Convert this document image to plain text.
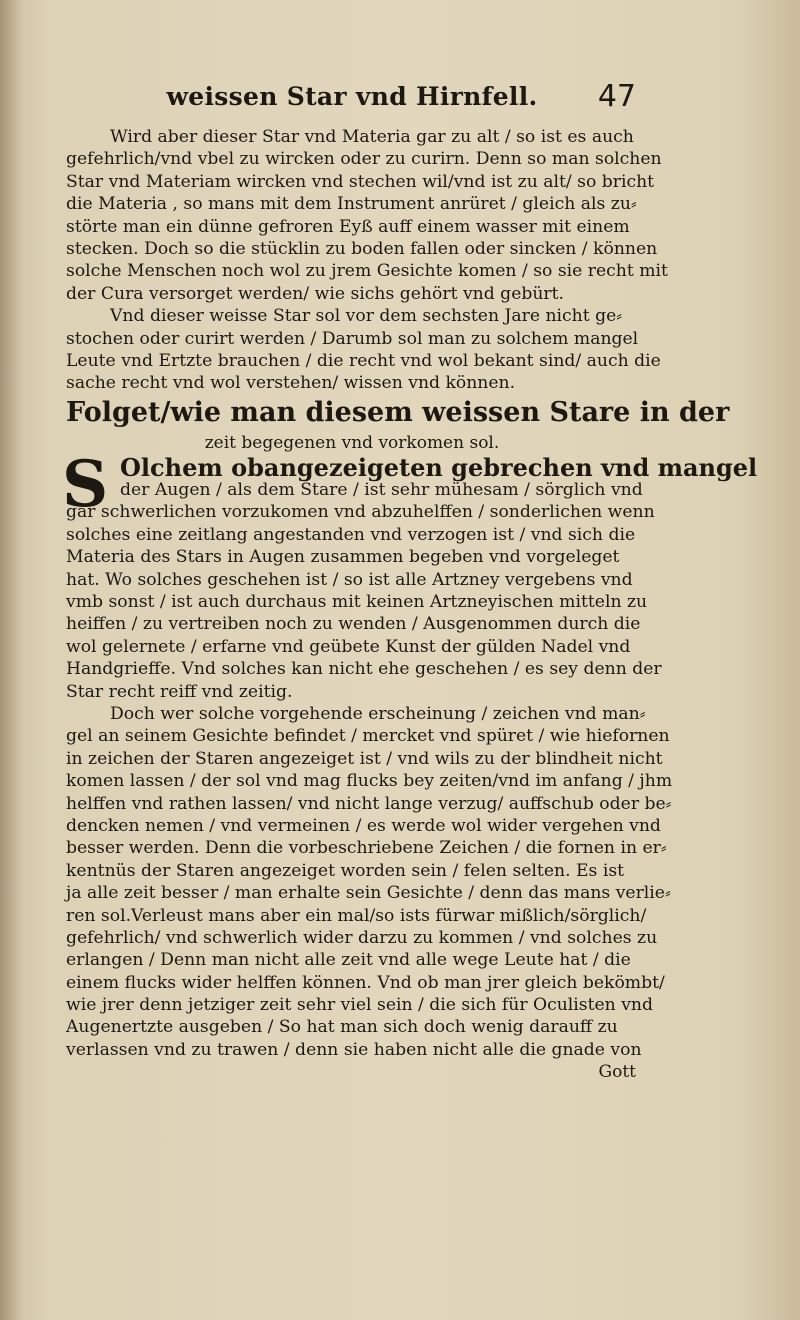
weissen Star vnd Hirnfell.	47
Wird aber dieser Star vnd Materia gar zu alt / so ist es auch
gefehrlich/vnd vbel zu wircken oder zu curirn. Denn so man solchen
Star vnd Materiam wircken vnd stechen wil/vnd ist zu alt/ so bricht
die Materia , so mans mit dem Instrument anrüret / gleich als zu⸗
störte man ein dünne gefroren Eyß auff einem wasser mit einem
stecken. Doch so die stücklin zu boden fallen oder sincken / können
solche Menschen noch wol zu jrem Gesichte komen / so sie recht mit
der Cura versorget werden/ wie sichs gehört vnd gebürt.
Vnd dieser weisse Star sol vor dem sechsten Jare nicht ge⸗
stochen oder curirt werden / Darumb sol man zu solchem mangel
Leute vnd Ertzte brauchen / die recht vnd wol bekant sind/ auch die
sache recht vnd wol verstehen/ wissen vnd können.
Folget/wie man diesem weissen Stare in der
zeit begegenen vnd vorkomen sol.
S Olchem obangezeigeten gebrechen vnd mangel
der Augen / als dem Stare / ist sehr mühesam / sörglich vnd
gar schwerlichen vorzukomen vnd abzuhelffen / sonderlichen wenn
solches eine zeitlang angestanden vnd verzogen ist / vnd sich die
Materia des Stars in Augen zusammen begeben vnd vorgeleget
hat. Wo solches geschehen ist / so ist alle Artzney vergebens vnd
vmb sonst / ist auch durchaus mit keinen Artzneyischen mitteln zu
heiffen / zu vertreiben noch zu wenden / Ausgenommen durch die
wol gelernete / erfarne vnd geübete Kunst der gülden Nadel vnd
Handgrieffe. Vnd solches kan nicht ehe geschehen / es sey denn der
Star recht reiff vnd zeitig.
Doch wer solche vorgehende erscheinung / zeichen vnd man⸗
gel an seinem Gesichte befindet / mercket vnd spüret / wie hiefornen
in zeichen der Staren angezeiget ist / vnd wils zu der blindheit nicht
komen lassen / der sol vnd mag flucks bey zeiten/vnd im anfang / jhm
helffen vnd rathen lassen/ vnd nicht lange verzug/ auffschub oder be⸗
dencken nemen / vnd vermeinen / es werde wol wider vergehen vnd
besser werden. Denn die vorbeschriebene Zeichen / die fornen in er⸗
kentnüs der Staren angezeiget worden sein / felen selten. Es ist
ja alle zeit besser / man erhalte sein Gesichte / denn das mans verlie⸗
ren sol.Verleust mans aber ein mal/so ists fürwar mißlich/sörglich/
gefehrlich/ vnd schwerlich wider darzu zu kommen / vnd solches zu
erlangen / Denn man nicht alle zeit vnd alle wege Leute hat / die
einem flucks wider helffen können. Vnd ob man jrer gleich bekömbt/
wie jrer denn jetziger zeit sehr viel sein / die sich für Oculisten vnd
Augenertzte ausgeben / So hat man sich doch wenig darauff zu
verlassen vnd zu trawen / denn sie haben nicht alle die gnade von
Gott
